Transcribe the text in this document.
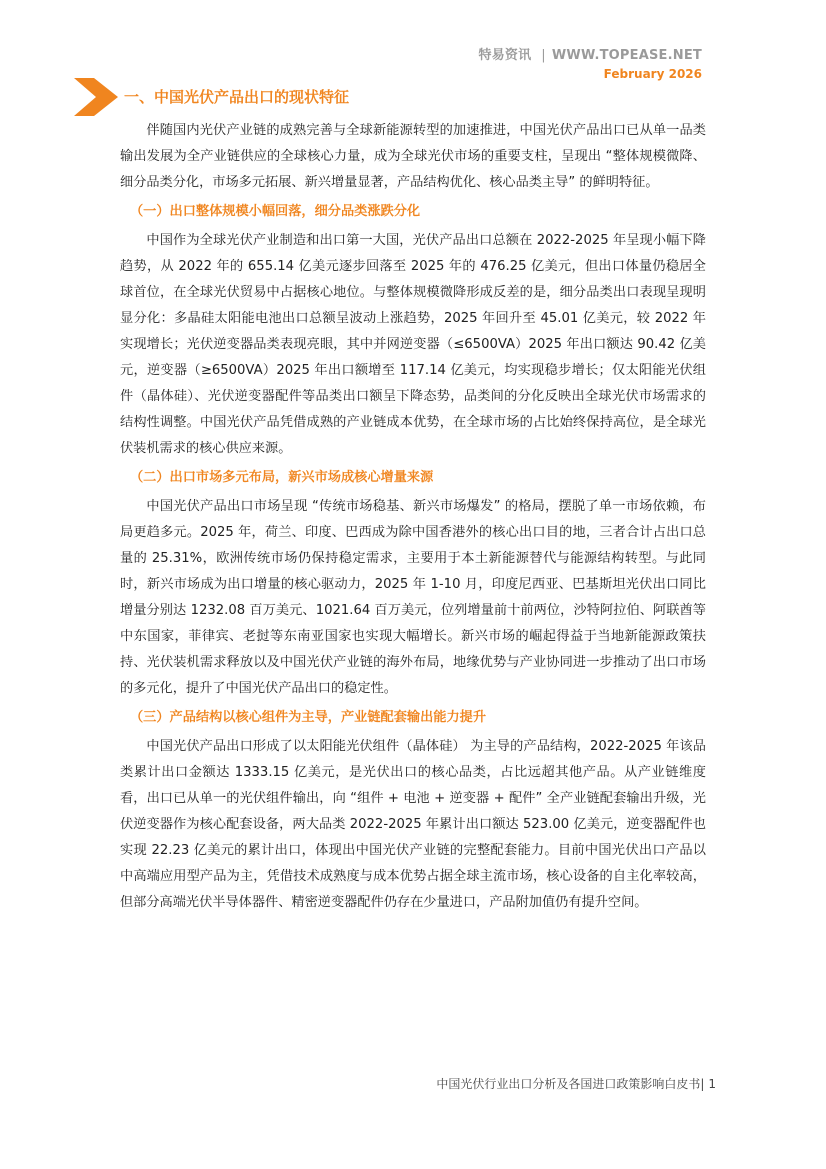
特易资讯 | WWW.TOPEASE.NET
February 2026
一、中国光伏产品出口的现状特征

伴随国内光伏产业链的成熟完善与全球新能源转型的加速推进，中国光伏产品出口已从单一品类输出发展为全产业链供应的全球核心力量，成为全球光伏市场的重要支柱，呈现出 “整体规模微降、细分品类分化，市场多元拓展、新兴增量显著，产品结构优化、核心品类主导” 的鲜明特征。

（一）出口整体规模小幅回落，细分品类涨跌分化

中国作为全球光伏产业制造和出口第一大国，光伏产品出口总额在 2022-2025 年呈现小幅下降趋势，从 2022 年的 655.14 亿美元逐步回落至 2025 年的 476.25 亿美元，但出口体量仍稳居全球首位，在全球光伏贸易中占据核心地位。与整体规模微降形成反差的是，细分品类出口表现呈现明显分化：多晶硅太阳能电池出口总额呈波动上涨趋势，2025 年回升至 45.01 亿美元，较 2022 年实现增长；光伏逆变器品类表现亮眼，其中并网逆变器（≤6500VA）2025 年出口额达 90.42 亿美元，逆变器（≥6500VA）2025 年出口额增至 117.14 亿美元，均实现稳步增长；仅太阳能光伏组件（晶体硅）、光伏逆变器配件等品类出口额呈下降态势，品类间的分化反映出全球光伏市场需求的结构性调整。中国光伏产品凭借成熟的产业链成本优势，在全球市场的占比始终保持高位，是全球光伏装机需求的核心供应来源。

（二）出口市场多元布局，新兴市场成核心增量来源

中国光伏产品出口市场呈现 “传统市场稳基、新兴市场爆发” 的格局，摆脱了单一市场依赖，布局更趋多元。2025 年，荷兰、印度、巴西成为除中国香港外的核心出口目的地，三者合计占出口总量的 25.31%，欧洲传统市场仍保持稳定需求，主要用于本土新能源替代与能源结构转型。与此同时，新兴市场成为出口增量的核心驱动力，2025 年 1-10 月，印度尼西亚、巴基斯坦光伏出口同比增量分别达 1232.08 百万美元、1021.64 百万美元，位列增量前十前两位，沙特阿拉伯、阿联酋等中东国家，菲律宾、老挝等东南亚国家也实现大幅增长。新兴市场的崛起得益于当地新能源政策扶持、光伏装机需求释放以及中国光伏产业链的海外布局，地缘优势与产业协同进一步推动了出口市场的多元化，提升了中国光伏产品出口的稳定性。

（三）产品结构以核心组件为主导，产业链配套输出能力提升

中国光伏产品出口形成了以太阳能光伏组件（晶体硅） 为主导的产品结构，2022-2025 年该品类累计出口金额达 1333.15 亿美元，是光伏出口的核心品类，占比远超其他产品。从产业链维度看，出口已从单一的光伏组件输出，向 “组件 + 电池 + 逆变器 + 配件” 全产业链配套输出升级，光伏逆变器作为核心配套设备，两大品类 2022-2025 年累计出口额达 523.00 亿美元，逆变器配件也实现 22.23 亿美元的累计出口，体现出中国光伏产业链的完整配套能力。目前中国光伏出口产品以中高端应用型产品为主，凭借技术成熟度与成本优势占据全球主流市场，核心设备的自主化率较高，但部分高端光伏半导体器件、精密逆变器配件仍存在少量进口，产品附加值仍有提升空间。

中国光伏行业出口分析及各国进口政策影响白皮书| 1
